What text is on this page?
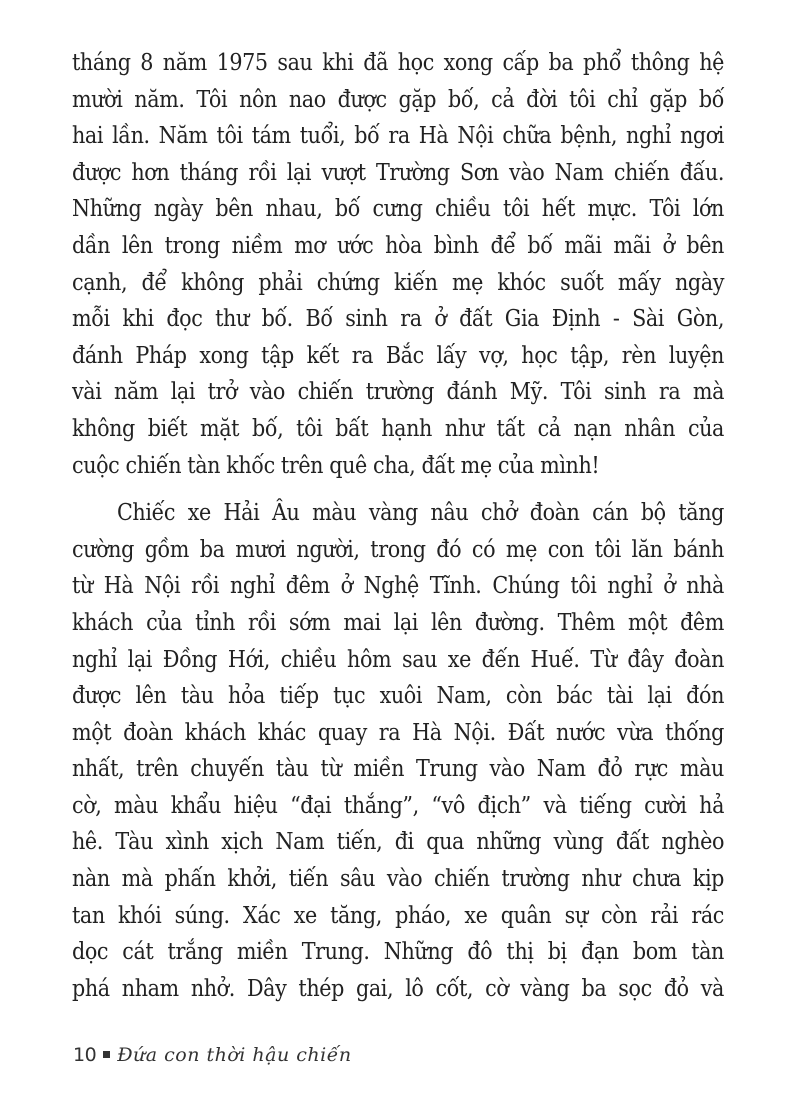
tháng 8 năm 1975 sau khi đã học xong cấp ba phổ thông hệ
mười năm. Tôi nôn nao được gặp bố, cả đời tôi chỉ gặp bố
hai lần. Năm tôi tám tuổi, bố ra Hà Nội chữa bệnh, nghỉ ngơi
được hơn tháng rồi lại vượt Trường Sơn vào Nam chiến đấu.
Những ngày bên nhau, bố cưng chiều tôi hết mực. Tôi lớn
dần lên trong niềm mơ ước hòa bình để bố mãi mãi ở bên
cạnh, để không phải chứng kiến mẹ khóc suốt mấy ngày
mỗi khi đọc thư bố. Bố sinh ra ở đất Gia Định - Sài Gòn,
đánh Pháp xong tập kết ra Bắc lấy vợ, học tập, rèn luyện
vài năm lại trở vào chiến trường đánh Mỹ. Tôi sinh ra mà
không biết mặt bố, tôi bất hạnh như tất cả nạn nhân của
cuộc chiến tàn khốc trên quê cha, đất mẹ của mình!

Chiếc xe Hải Âu màu vàng nâu chở đoàn cán bộ tăng
cường gồm ba mươi người, trong đó có mẹ con tôi lăn bánh
từ Hà Nội rồi nghỉ đêm ở Nghệ Tĩnh. Chúng tôi nghỉ ở nhà
khách của tỉnh rồi sớm mai lại lên đường. Thêm một đêm
nghỉ lại Đồng Hới, chiều hôm sau xe đến Huế. Từ đây đoàn
được lên tàu hỏa tiếp tục xuôi Nam, còn bác tài lại đón
một đoàn khách khác quay ra Hà Nội. Đất nước vừa thống
nhất, trên chuyến tàu từ miền Trung vào Nam đỏ rực màu
cờ, màu khẩu hiệu “đại thắng”, “vô địch” và tiếng cười hả
hê. Tàu xình xịch Nam tiến, đi qua những vùng đất nghèo
nàn mà phấn khởi, tiến sâu vào chiến trường như chưa kịp
tan khói súng. Xác xe tăng, pháo, xe quân sự còn rải rác
dọc cát trắng miền Trung. Những đô thị bị đạn bom tàn
phá nham nhở. Dây thép gai, lô cốt, cờ vàng ba sọc đỏ và

10 Đứa con thời hậu chiến
